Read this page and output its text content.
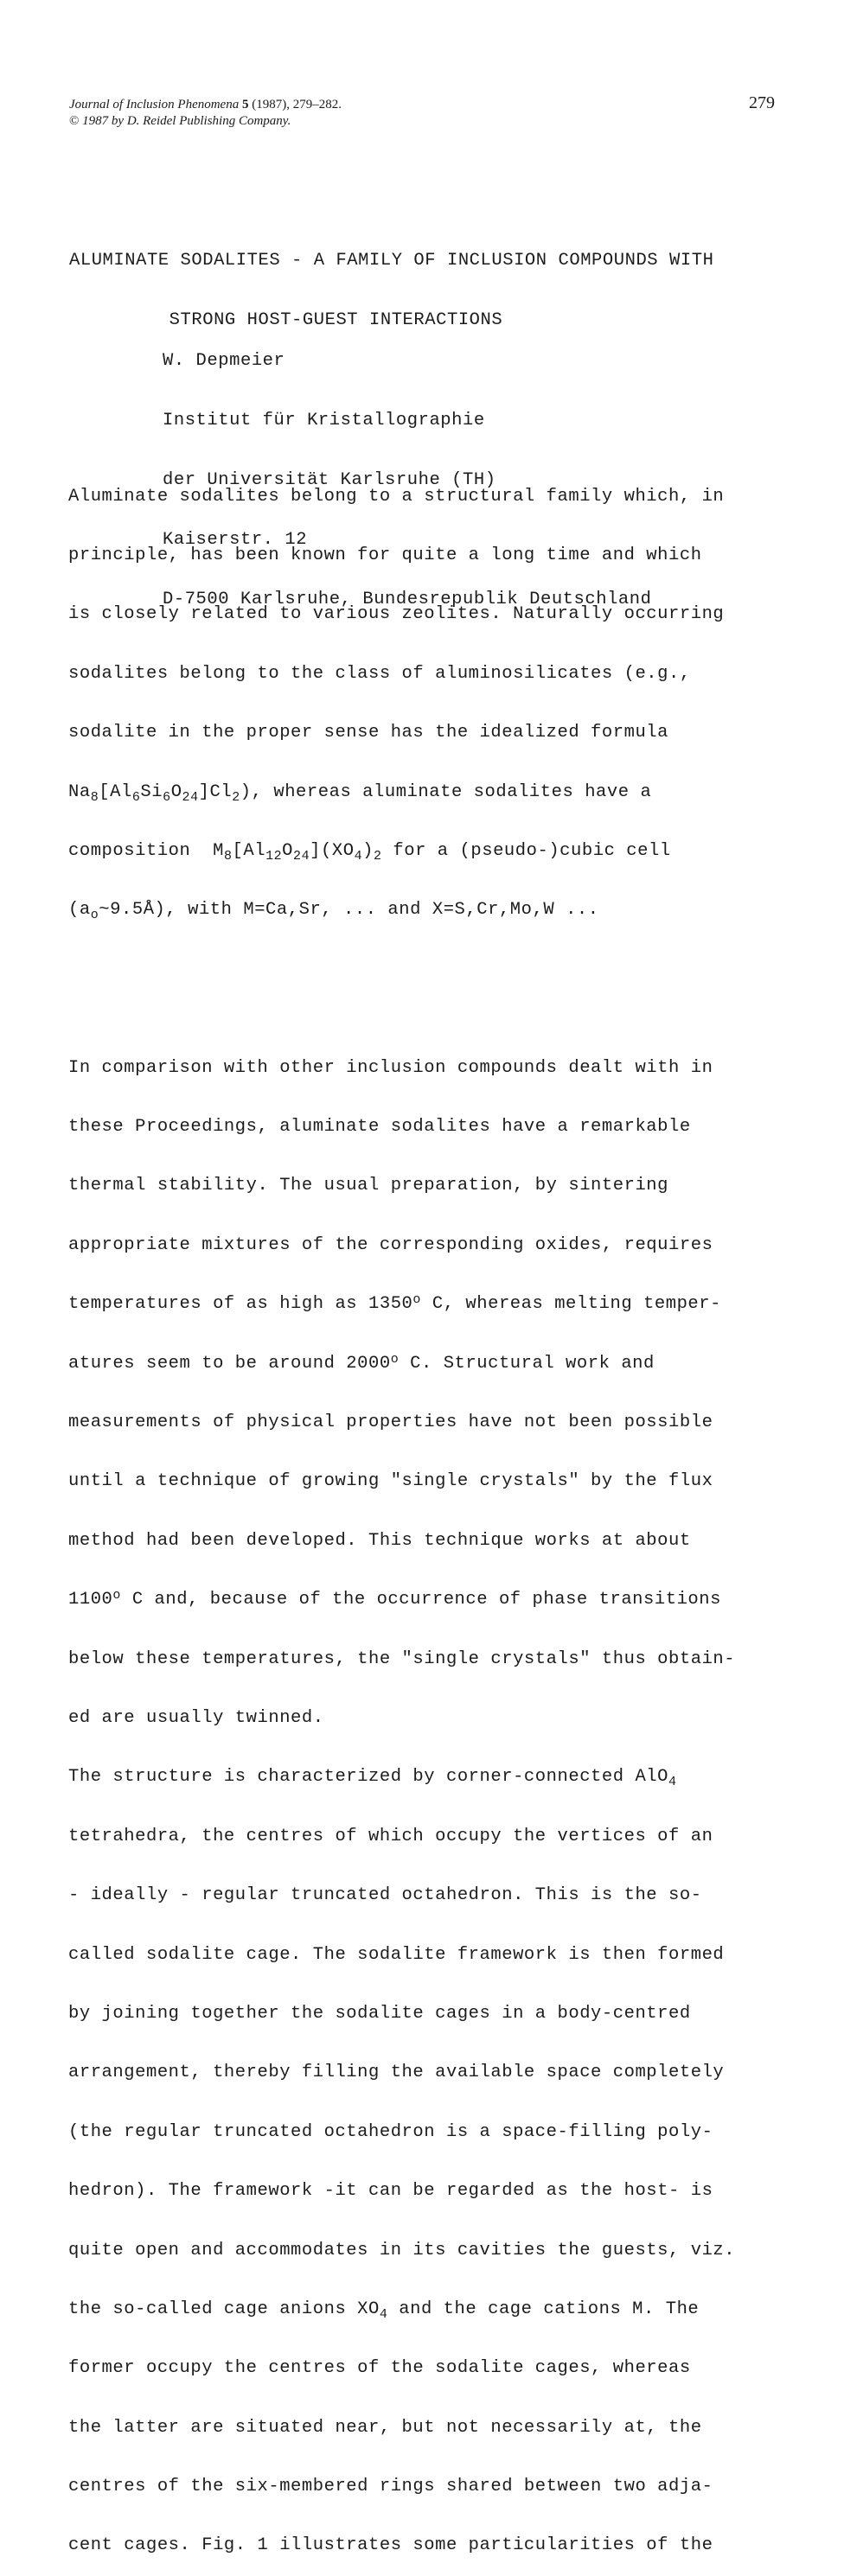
Journal of Inclusion Phenomena 5 (1987), 279–282.
© 1987 by D. Reidel Publishing Company.
279

ALUMINATE SODALITES - A FAMILY OF INCLUSION COMPOUNDS WITH

STRONG HOST-GUEST INTERACTIONS

W. Depmeier

Institut für Kristallographie

der Universität Karlsruhe (TH)

Kaiserstr. 12

D-7500 Karlsruhe, Bundesrepublik Deutschland

Aluminate sodalites belong to a structural family which, in

principle, has been known for quite a long time and which

is closely related to various zeolites. Naturally occurring

sodalites belong to the class of aluminosilicates (e.g.,

sodalite in the proper sense has the idealized formula

$Na_8[Al_6Si_6O_{24}]Cl_2$), whereas aluminate sodalites have a

composition  $M_8[Al_{12}O_{24}](XO_4)_2$ for a (pseudo-)cubic cell

$(a_o\sim 9.5Å)$, with M=Ca,Sr, ... and X=S,Cr,Mo,W ...

In comparison with other inclusion compounds dealt with in

these Proceedings, aluminate sodalites have a remarkable

thermal stability. The usual preparation, by sintering

appropriate mixtures of the corresponding oxides, requires

temperatures of as high as 1350$^o$ C, whereas melting temper-

atures seem to be around 2000$^o$ C. Structural work and

measurements of physical properties have not been possible

until a technique of growing "single crystals" by the flux

method had been developed. This technique works at about

1100$^o$ C and, because of the occurrence of phase transitions

below these temperatures, the "single crystals" thus obtain-

ed are usually twinned.

The structure is characterized by corner-connected AlO$_4$

tetrahedra, the centres of which occupy the vertices of an

- ideally - regular truncated octahedron. This is the so-

called sodalite cage. The sodalite framework is then formed

by joining together the sodalite cages in a body-centred

arrangement, thereby filling the available space completely

(the regular truncated octahedron is a space-filling poly-

hedron). The framework -it can be regarded as the host- is

quite open and accommodates in its cavities the guests, viz.

the so-called cage anions $XO_4$ and the cage cations M. The

former occupy the centres of the sodalite cages, whereas

the latter are situated near, but not necessarily at, the

centres of the six-membered rings shared between two adja-

cent cages. Fig. 1 illustrates some particularities of the
